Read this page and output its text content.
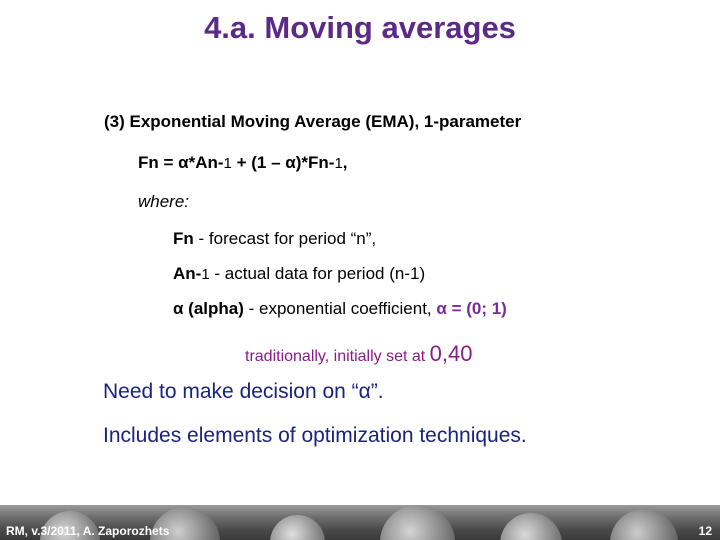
4.a. Moving averages
(3) Exponential Moving Average (EMA), 1-parameter
Fn = α*An-1 + (1 – α)*Fn-1,
where:
Fn - forecast for period “n”,
An-1 - actual data for period (n-1)
α (alpha) - exponential coefficient, α = (0; 1)
traditionally, initially set at 0,40
Need to make decision on “α”.
Includes elements of optimization techniques.
RM, v.3/2011, A. Zaporozhets	12
